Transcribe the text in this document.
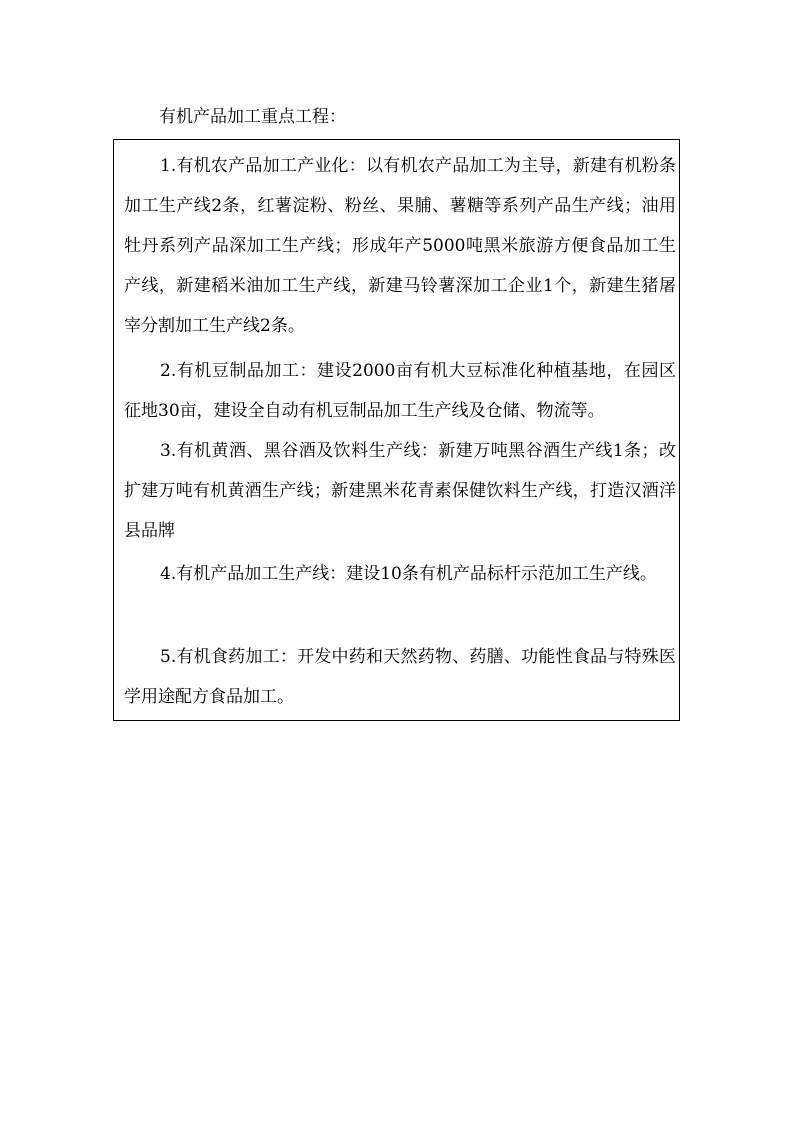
有机产品加工重点工程：

1.有机农产品加工产业化：以有机农产品加工为主导，新建有机粉条加工生产线2条，红薯淀粉、粉丝、果脯、薯糖等系列产品生产线；油用牡丹系列产品深加工生产线；形成年产5000吨黑米旅游方便食品加工生产线，新建稻米油加工生产线，新建马铃薯深加工企业1个，新建生猪屠宰分割加工生产线2条。

2.有机豆制品加工：建设2000亩有机大豆标准化种植基地，在园区征地30亩，建设全自动有机豆制品加工生产线及仓储、物流等。

3.有机黄酒、黑谷酒及饮料生产线：新建万吨黑谷酒生产线1条；改扩建万吨有机黄酒生产线；新建黑米花青素保健饮料生产线，打造汉酒洋县品牌

4.有机产品加工生产线：建设10条有机产品标杆示范加工生产线。

5.有机食药加工：开发中药和天然药物、药膳、功能性食品与特殊医学用途配方食品加工。
